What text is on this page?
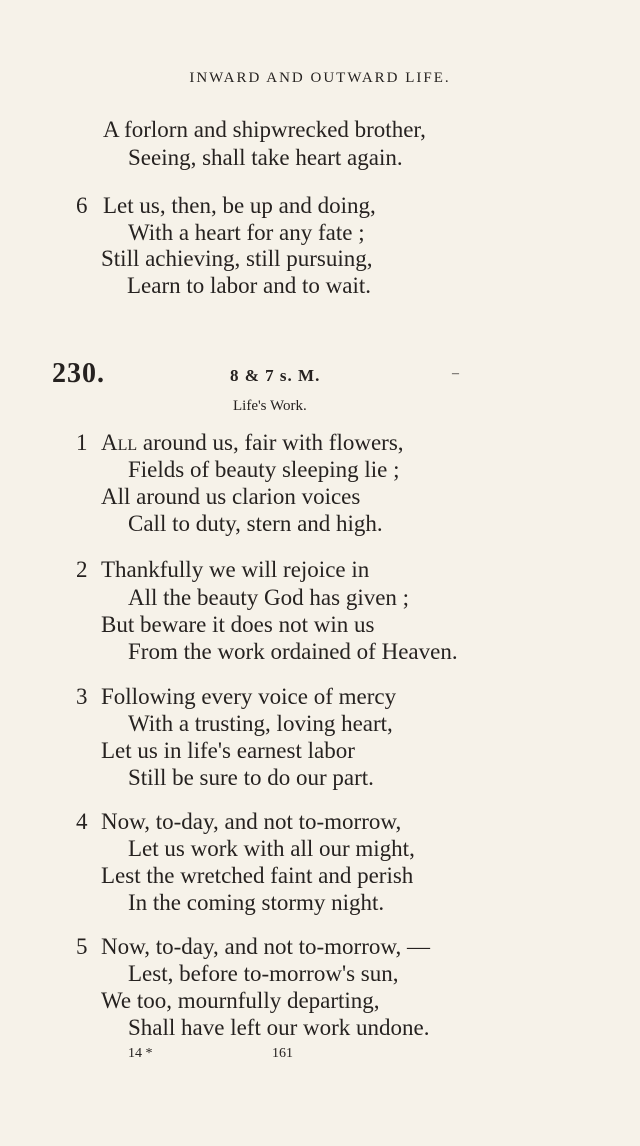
INWARD AND OUTWARD LIFE.
A forlorn and shipwrecked brother,
Seeing, shall take heart again.
6 Let us, then, be up and doing,
With a heart for any fate ;
Still achieving, still pursuing,
Learn to labor and to wait.
230.	8 & 7 s. M.	–
Life's Work.
1 All around us, fair with flowers,
Fields of beauty sleeping lie ;
All around us clarion voices
Call to duty, stern and high.
2 Thankfully we will rejoice in
All the beauty God has given ;
But beware it does not win us
From the work ordained of Heaven.
3 Following every voice of mercy
With a trusting, loving heart,
Let us in life's earnest labor
Still be sure to do our part.
4 Now, to-day, and not to-morrow,
Let us work with all our might,
Lest the wretched faint and perish
In the coming stormy night.
5 Now, to-day, and not to-morrow, —
Lest, before to-morrow's sun,
We too, mournfully departing,
Shall have left our work undone.
14 *	161
